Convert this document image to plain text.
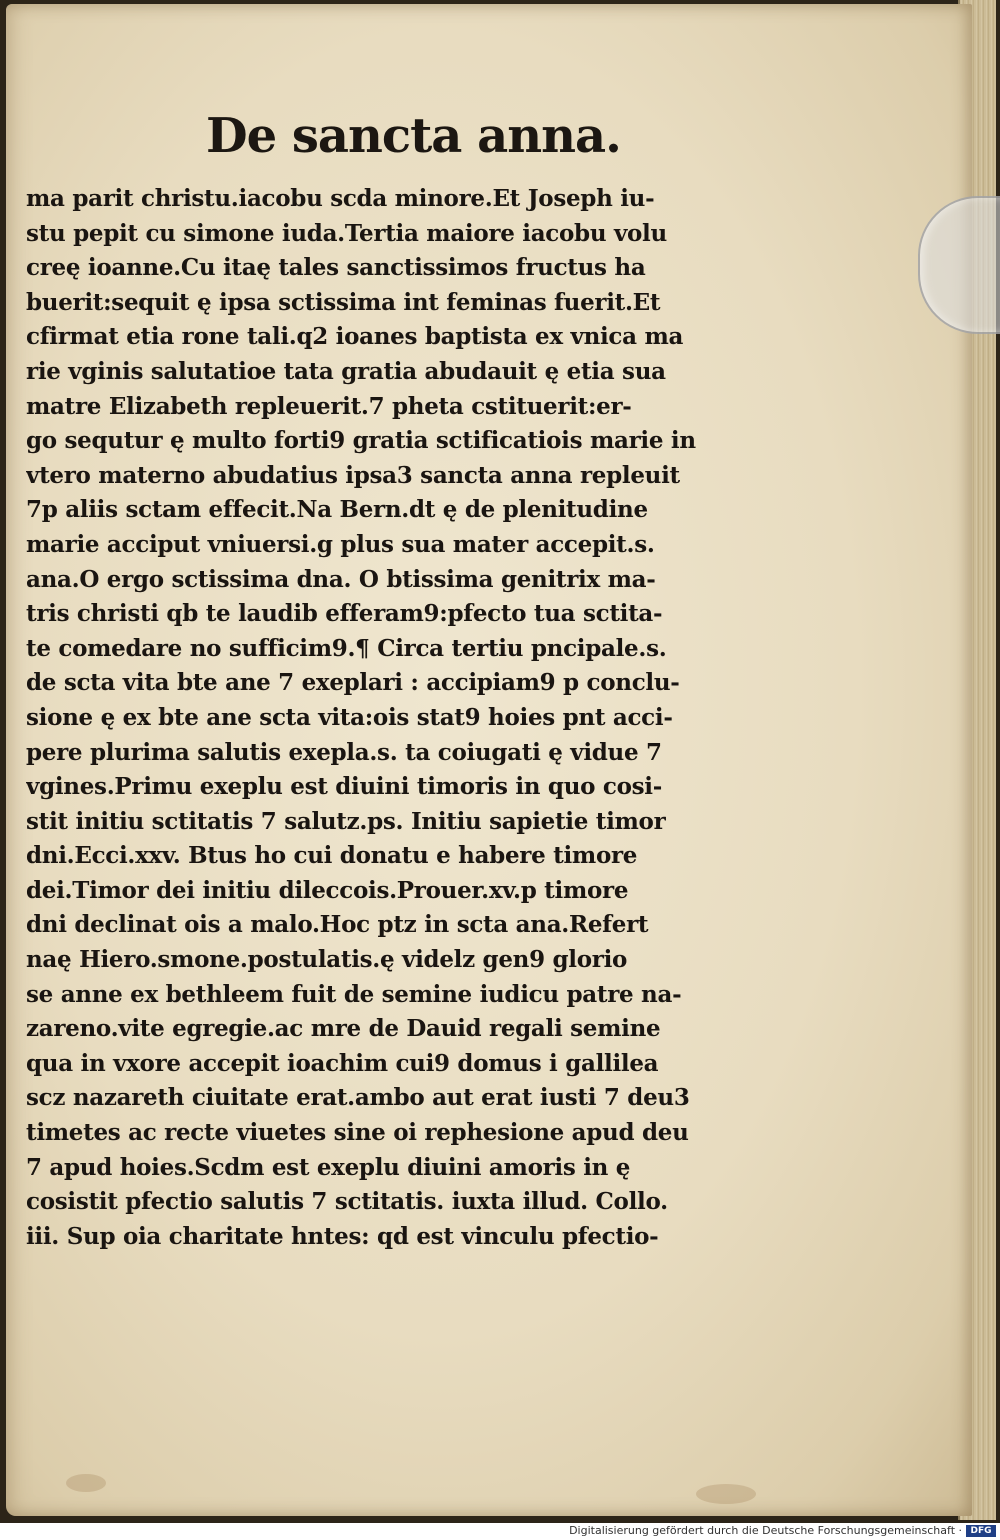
De sancta anna.
ma parit christu.iacobu scda minore.Et Joseph iu‑
stu pepit cu simone iuda.Tertia maiore iacobu volu
creę ioanne.Cu itaę tales sanctissimos fructus ha
buerit:sequit ę ipsa sctissima int feminas fuerit.Et
cfirmat etia rone tali.q2 ioanes baptista ex vnica ma
rie vginis salutatioe tata gratia abudauit ę etia sua
matre Elizabeth repleuerit.7 pheta cstituerit:er‑
go sequtur ę multo forti9 gratia sctificatiois marie in
vtero materno abudatius ipsa3 sancta anna repleuit
7p aliis sctam effecit.Na Bern.dt ę de plenitudine
marie acciput vniuersi.g plus sua mater accepit.s.
ana.O ergo sctissima dna. O btissima genitrix ma‑
tris christi qb te laudib efferam9:pfecto tua sctita‑
te comedare no sufficim9.¶ Circa tertiu pncipale.s.
de scta vita bte ane 7 exeplari : accipiam9 p conclu‑
sione ę ex bte ane scta vita:ois stat9 hoies pnt acci‑
pere plurima salutis exepla.s. ta coiugati ę vidue 7
vgines.Primu exeplu est diuini timoris in quo cosi‑
stit initiu sctitatis 7 salutz.ps. Initiu sapietie timor
dni.Ecci.xxv. Btus ho cui donatu e habere timore
dei.Timor dei initiu dileccois.Prouer.xv.p timore
dni declinat ois a malo.Hoc ptz in scta ana.Refert
naę Hiero.smone.postulatis.ę videlz gen9 glorio
se anne ex bethleem fuit de semine iudicu patre na‑
zareno.vite egregie.ac mre de Dauid regali semine
qua in vxore accepit ioachim cui9 domus i gallilea
scz nazareth ciuitate erat.ambo aut erat iusti 7 deu3
timetes ac recte viuetes sine oi rephesione apud deu
7 apud hoies.Scdm est exeplu diuini amoris in ę
cosistit pfectio salutis 7 sctitatis. iuxta illud. Collo.
iii. Sup oia charitate hntes: qd est vinculu pfectio‑
Digitalisierung gefördert durch die Deutsche Forschungsgemeinschaft · DFG
